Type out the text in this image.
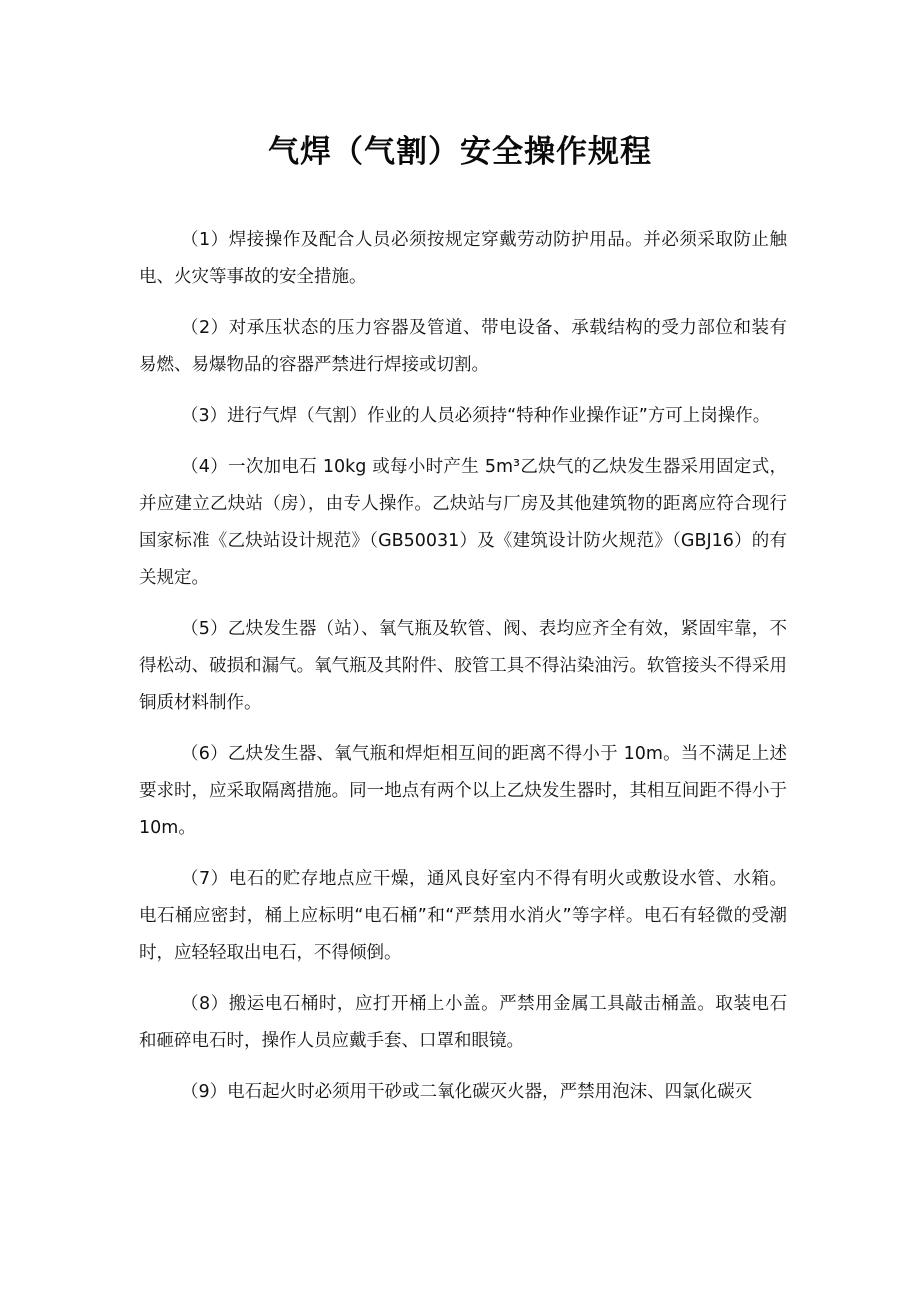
气焊（气割）安全操作规程

（1）焊接操作及配合人员必须按规定穿戴劳动防护用品。并必须采取防止触电、火灾等事故的安全措施。

（2）对承压状态的压力容器及管道、带电设备、承载结构的受力部位和装有易燃、易爆物品的容器严禁进行焊接或切割。

（3）进行气焊（气割）作业的人员必须持“特种作业操作证”方可上岗操作。

（4）一次加电石 10kg 或每小时产生 5m³乙炔气的乙炔发生器采用固定式，并应建立乙炔站（房），由专人操作。乙炔站与厂房及其他建筑物的距离应符合现行国家标准《乙炔站设计规范》（GB50031）及《建筑设计防火规范》（GBJ16）的有关规定。

（5）乙炔发生器（站）、氧气瓶及软管、阀、表均应齐全有效，紧固牢靠，不得松动、破损和漏气。氧气瓶及其附件、胶管工具不得沾染油污。软管接头不得采用铜质材料制作。

（6）乙炔发生器、氧气瓶和焊炬相互间的距离不得小于 10m。当不满足上述要求时，应采取隔离措施。同一地点有两个以上乙炔发生器时，其相互间距不得小于 10m。

（7）电石的贮存地点应干燥，通风良好室内不得有明火或敷设水管、水箱。电石桶应密封，桶上应标明“电石桶”和“严禁用水消火”等字样。电石有轻微的受潮时，应轻轻取出电石，不得倾倒。

（8）搬运电石桶时，应打开桶上小盖。严禁用金属工具敲击桶盖。取装电石和砸碎电石时，操作人员应戴手套、口罩和眼镜。

（9）电石起火时必须用干砂或二氧化碳灭火器，严禁用泡沫、四氯化碳灭
